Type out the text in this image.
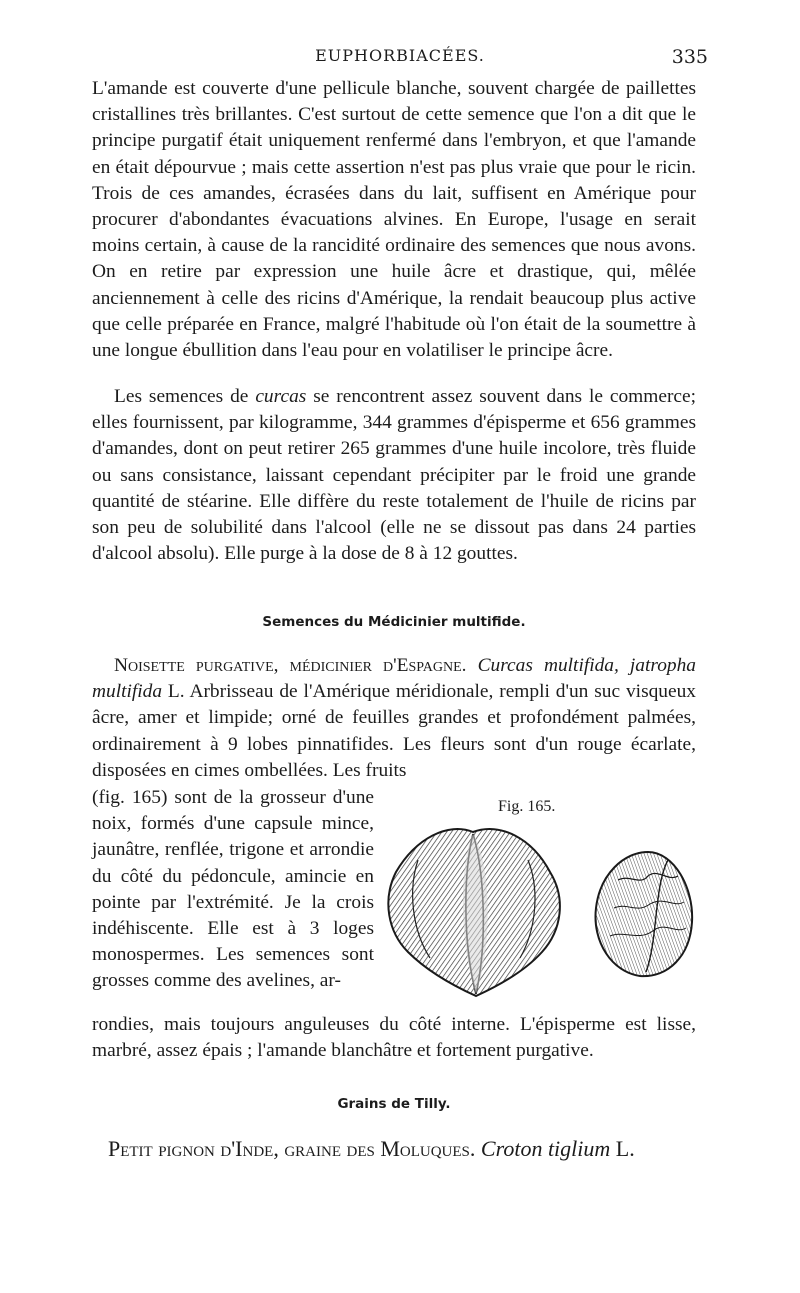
EUPHORBIACÉES.	335

L'amande est couverte d'une pellicule blanche, souvent chargée de paillettes cristallines très brillantes. C'est surtout de cette semence que l'on a dit que le principe purgatif était uniquement renfermé dans l'embryon, et que l'amande en était dépourvue ; mais cette assertion n'est pas plus vraie que pour le ricin. Trois de ces amandes, écrasées dans du lait, suffisent en Amérique pour procurer d'abondantes évacuations alvines. En Europe, l'usage en serait moins certain, à cause de la rancidité ordinaire des semences que nous avons. On en retire par expression une huile âcre et drastique, qui, mêlée anciennement à celle des ricins d'Amérique, la rendait beaucoup plus active que celle préparée en France, malgré l'habitude où l'on était de la soumettre à une longue ébullition dans l'eau pour en volatiliser le principe âcre.

Les semences de curcas se rencontrent assez souvent dans le commerce; elles fournissent, par kilogramme, 344 grammes d'épisperme et 656 grammes d'amandes, dont on peut retirer 265 grammes d'une huile incolore, très fluide ou sans consistance, laissant cependant précipiter par le froid une grande quantité de stéarine. Elle diffère du reste totalement de l'huile de ricins par son peu de solubilité dans l'alcool (elle ne se dissout pas dans 24 parties d'alcool absolu). Elle purge à la dose de 8 à 12 gouttes.

Semences du Médicinier multifide.

Noisette purgative, médicinier d'Espagne. Curcas multifida, jatropha multifida L. Arbrisseau de l'Amérique méridionale, rempli d'un suc visqueux âcre, amer et limpide; orné de feuilles grandes et profondément palmées, ordinairement à 9 lobes pinnatifides. Les fleurs sont d'un rouge écarlate, disposées en cimes ombellées. Les fruits

(fig. 165) sont de la grosseur d'une noix, formés d'une capsule mince, jaunâtre, renflée, trigone et arrondie du côté du pédoncule, amincie en pointe par l'extrémité. Je la crois indéhiscente. Elle est à 3 loges monospermes. Les semences sont grosses comme des avelines, ar-

Fig. 165.

rondies, mais toujours anguleuses du côté interne. L'épisperme est lisse, marbré, assez épais ; l'amande blanchâtre et fortement purgative.

Grains de Tilly.
Petit pignon d'Inde, graine des Moluques. Croton tiglium L.
